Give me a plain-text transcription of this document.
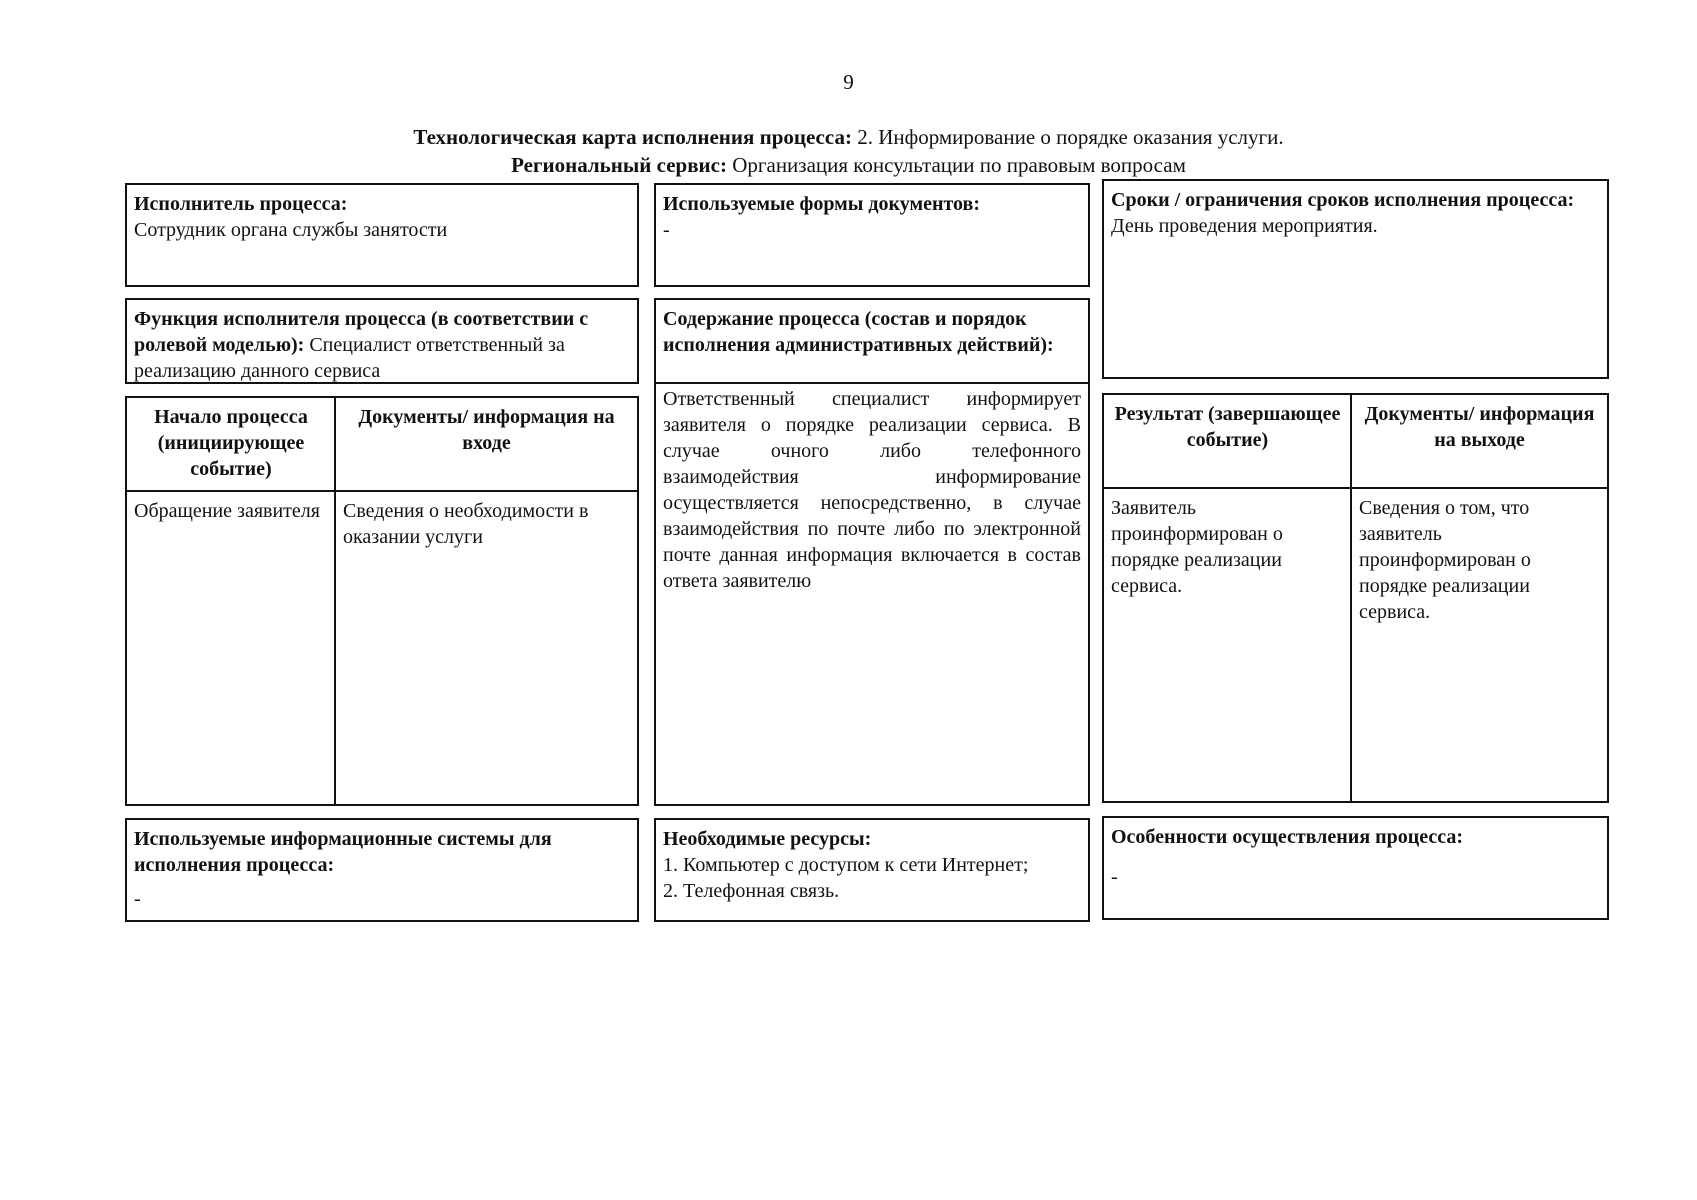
9
Технологическая карта исполнения процесса: 2. Информирование о порядке оказания услуги.
Региональный сервис: Организация консультации по правовым вопросам
Исполнитель процесса:
Сотрудник органа службы занятости
Используемые формы документов:
-
Сроки / ограничения сроков исполнения процесса:
День проведения мероприятия.
Функция исполнителя процесса (в соответствии с ролевой моделью): Специалист ответственный за реализацию данного сервиса
Начало процесса (инициирующее событие)
Документы/ информация на входе
Обращение заявителя	Сведения о необходимости в оказании услуги
Содержание процесса (состав и порядок исполнения административных действий):
Ответственный специалист информирует заявителя о порядке реализации сервиса. В случае очного либо телефонного взаимодействия информирование осуществляется непосредственно, в случае взаимодействия по почте либо по электронной почте данная информация включается в состав ответа заявителю
Результат (завершающее событие)
Документы/ информация на выходе
Заявитель проинформирован о порядке реализации сервиса.
Сведения о том, что заявитель проинформирован о порядке реализации сервиса.
Используемые информационные системы для исполнения процесса:
-
Необходимые ресурсы:
1. Компьютер с доступом к сети Интернет;
2. Телефонная связь.
Особенности осуществления процесса:
-
